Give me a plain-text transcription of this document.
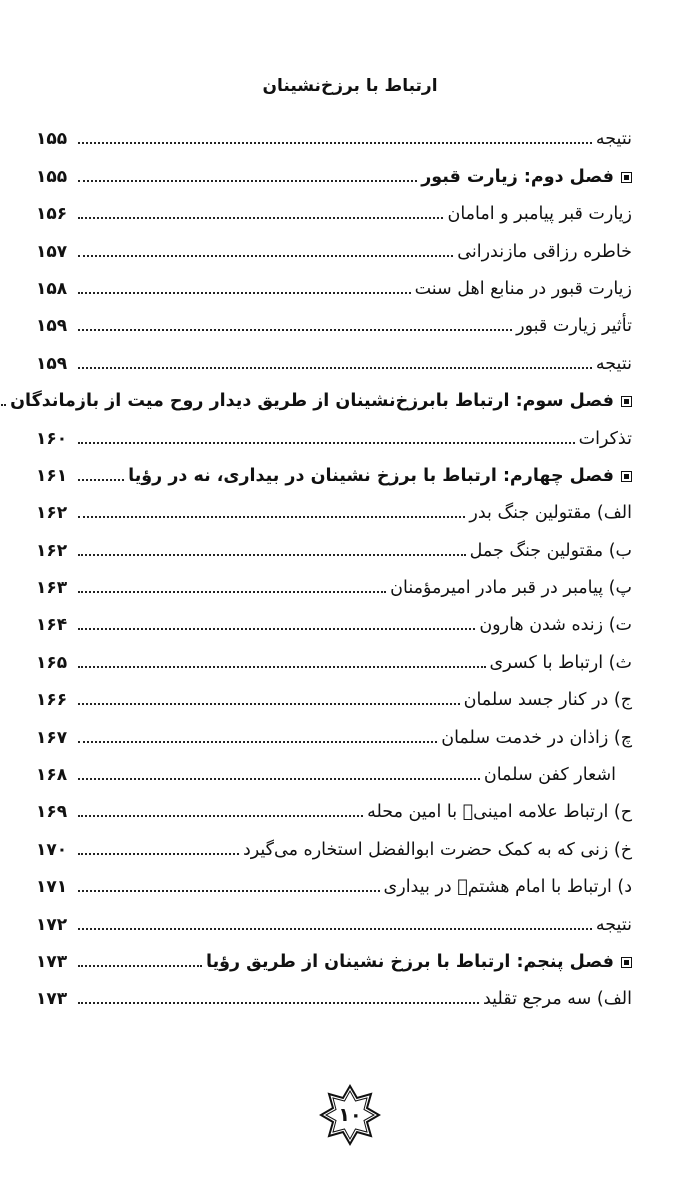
ارتباط با برزخ‌نشینان
نتیجه
۱۵۵
فصل دوم: زیارت قبور
۱۵۵
زیارت قبر پیامبر و امامان
۱۵۶
خاطره رزاقی مازندرانی
۱۵۷
زیارت قبور در منابع اهل سنت
۱۵۸
تأثیر زیارت قبور
۱۵۹
نتیجه
۱۵۹
فصل سوم: ارتباط بابرزخ‌نشینان از طریق دیدار روح میت از بازماندگان
تذکرات
۱۶۰
فصل چهارم: ارتباط با برزخ نشینان در بیداری، نه در رؤیا
۱۶۱
الف) مقتولین جنگ بدر
۱۶۲
ب) مقتولین جنگ جمل
۱۶۲
پ) پیامبر در قبر مادر امیرمؤمنان
۱۶۳
ت) زنده شدن هارون
۱۶۴
ث) ارتباط با کسری
۱۶۵
ج) در کنار جسد سلمان
۱۶۶
چ) زاذان در خدمت سلمان
۱۶۷
اشعار کفن سلمان
۱۶۸
ح) ارتباط علامه امینیؐ با امین محله
۱۶۹
خ) زنی که به کمک حضرت ابوالفضل استخاره می‌گیرد
۱۷۰
د) ارتباط با امام هشتمؐ در بیداری
۱۷۱
نتیجه
۱۷۲
فصل پنجم: ارتباط با برزخ نشینان از طریق رؤیا
۱۷۳
الف) سه مرجع تقلید
۱۷۳
۱۰
